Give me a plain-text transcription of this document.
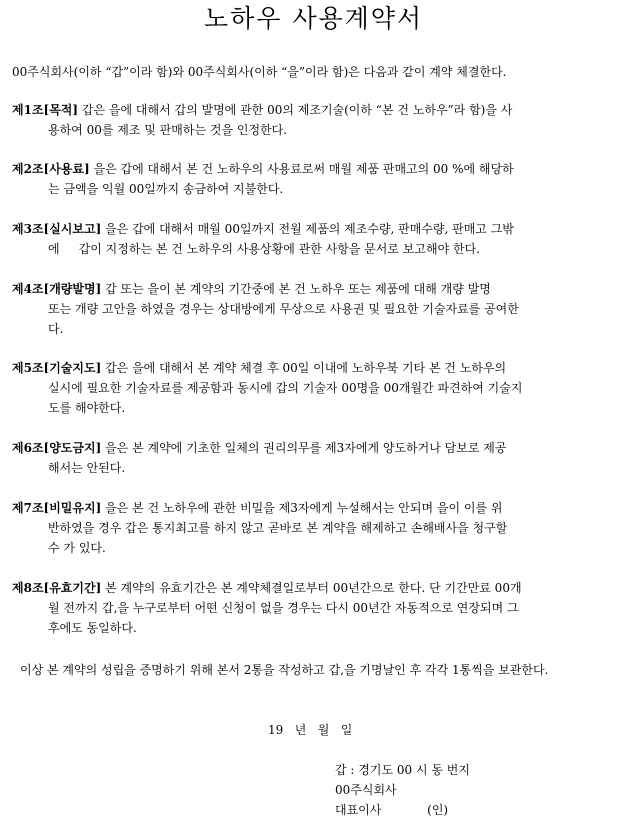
노하우 사용계약서
00주식회사(이하 “갑”이라 함)와 00주식회사(이하 “을”이라 함)은 다음과 같이 계약 체결한다.
제1조[목적] 갑은 을에 대해서 갑의 발명에 관한 00의 제조기술(이하 “본 건 노하우”라 함)을 사
용하여 00를 제조 및 판매하는 것을 인정한다.
제2조[사용료] 을은 갑에 대해서 본 건 노하우의 사용료로써 매월 제품 판매고의 00 %에 해당하
는 금액을 익월 00일까지 송금하여 지불한다.
제3조[실시보고] 을은 갑에 대해서 매월 00일까지 전월 제품의 제조수량, 판매수량, 판매고 그밖
에     갑이 지정하는 본 건 노하우의 사용상황에 관한 사항을 문서로 보고해야 한다.
제4조[개량발명] 갑 또는 을이 본 계약의 기간중에 본 건 노하우 또는 제품에 대해 개량 발명
또는 개량 고안을 하였을 경우는 상대방에게 무상으로 사용권 및 필요한 기술자료를 공여한
다.
제5조[기술지도] 갑은 을에 대해서 본 계약 체결 후 00일 이내에 노하우북 기타 본 건 노하우의
실시에 필요한 기술자료를 제공함과 동시에 갑의 기술자 00명을 00개월간 파견하여 기술지
도를 해야한다.
제6조[양도금지] 을은 본 계약에 기초한 일체의 권리의무를 제3자에게 양도하거나 담보로 제공
해서는 안된다.
제7조[비밀유지] 을은 본 건 노하우에 관한 비밀을 제3자에게 누설해서는 안되며 을이 이를 위
반하였을 경우 갑은 통지최고를 하지 않고 곧바로 본 계약을 해제하고 손해배사을 청구할
수 가 있다.
제8조[유효기간] 본 계약의 유효기간은 본 계약체결일로부터 00년간으로 한다. 단 기간만료 00개
월 전까지 갑,을 누구로부터 어떤 신청이 없을 경우는 다시 00년간 자동적으로 연장되며 그
후에도 동일하다.
이상 본 계약의 성립을 증명하기 위해 본서 2통을 작성하고 갑,을 기명날인 후 각각 1통씩을 보관한다.
19   년   월   일
갑 : 경기도 00 시 동 번지
00주식회사
대표이사            (인)
